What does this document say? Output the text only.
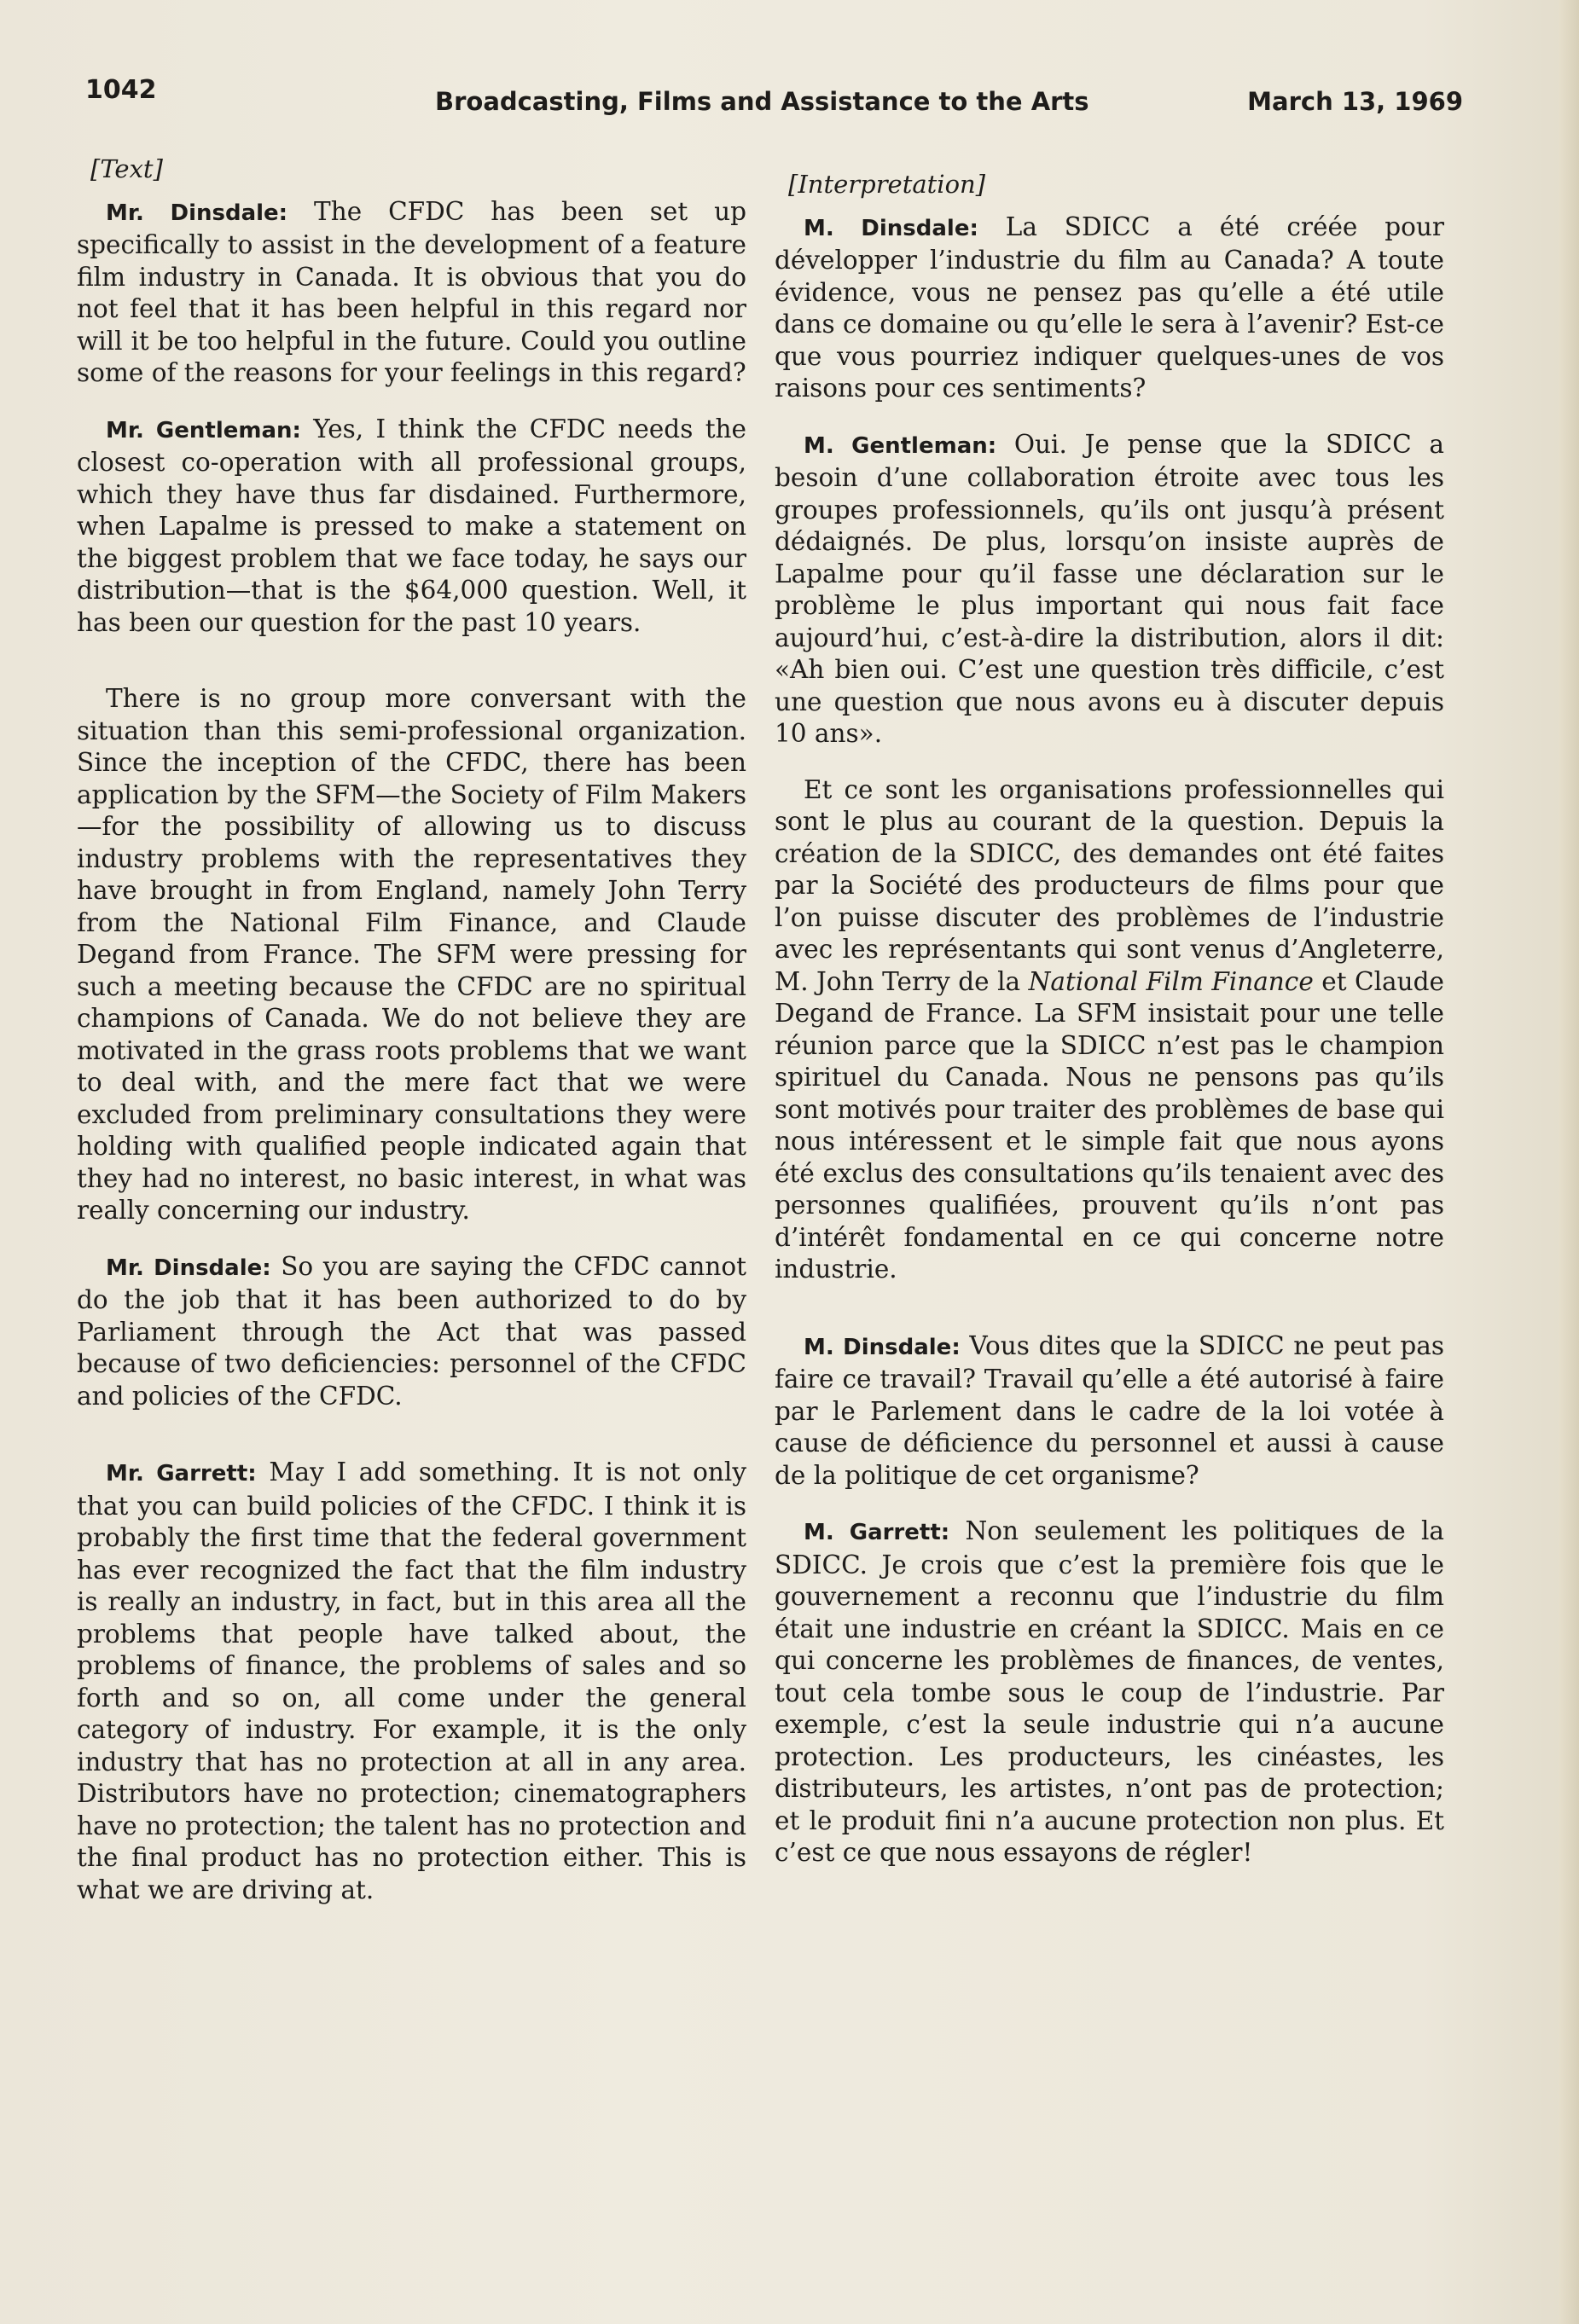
1042	Broadcasting, Films and Assistance to the Arts	March 13, 1969
[Text]

Mr. Dinsdale: The CFDC has been set up specifically to assist in the development of a feature film industry in Canada. It is obvious that you do not feel that it has been helpful in this regard nor will it be too helpful in the future. Could you outline some of the reasons for your feelings in this regard?

Mr. Gentleman: Yes, I think the CFDC needs the closest co-operation with all professional groups, which they have thus far disdained. Furthermore, when Lapalme is pressed to make a statement on the biggest problem that we face today, he says our distribution—that is the $64,000 question. Well, it has been our question for the past 10 years.

There is no group more conversant with the situation than this semi-professional organization. Since the inception of the CFDC, there has been application by the SFM—the Society of Film Makers—for the possibility of allowing us to discuss industry problems with the representatives they have brought in from England, namely John Terry from the National Film Finance, and Claude Degand from France. The SFM were pressing for such a meeting because the CFDC are no spiritual champions of Canada. We do not believe they are motivated in the grass roots problems that we want to deal with, and the mere fact that we were excluded from preliminary consultations they were holding with qualified people indicated again that they had no interest, no basic interest, in what was really concerning our industry.

Mr. Dinsdale: So you are saying the CFDC cannot do the job that it has been authorized to do by Parliament through the Act that was passed because of two deficiencies: personnel of the CFDC and policies of the CFDC.

Mr. Garrett: May I add something. It is not only that you can build policies of the CFDC. I think it is probably the first time that the federal government has ever recognized the fact that the film industry is really an industry, in fact, but in this area all the problems that people have talked about, the problems of finance, the problems of sales and so forth and so on, all come under the general category of industry. For example, it is the only industry that has no protection at all in any area. Distributors have no protection; cinematographers have no protection; the talent has no protection and the final product has no protection either. This is what we are driving at.

[Interpretation]

M. Dinsdale: La SDICC a été créée pour développer l’industrie du film au Canada? A toute évidence, vous ne pensez pas qu’elle a été utile dans ce domaine ou qu’elle le sera à l’avenir? Est-ce que vous pourriez indiquer quelques-unes de vos raisons pour ces sentiments?

M. Gentleman: Oui. Je pense que la SDICC a besoin d’une collaboration étroite avec tous les groupes professionnels, qu’ils ont jusqu’à présent dédaignés. De plus, lorsqu’on insiste auprès de Lapalme pour qu’il fasse une déclaration sur le problème le plus important qui nous fait face aujourd’hui, c’est-à-dire la distribution, alors il dit: «Ah bien oui. C’est une question très difficile, c’est une question que nous avons eu à discuter depuis 10 ans».

Et ce sont les organisations professionnelles qui sont le plus au courant de la question. Depuis la création de la SDICC, des demandes ont été faites par la Société des producteurs de films pour que l’on puisse discuter des problèmes de l’industrie avec les représentants qui sont venus d’Angleterre, M. John Terry de la National Film Finance et Claude Degand de France. La SFM insistait pour une telle réunion parce que la SDICC n’est pas le champion spirituel du Canada. Nous ne pensons pas qu’ils sont motivés pour traiter des problèmes de base qui nous intéressent et le simple fait que nous ayons été exclus des consultations qu’ils tenaient avec des personnes qualifiées, prouvent qu’ils n’ont pas d’intérêt fondamental en ce qui concerne notre industrie.

M. Dinsdale: Vous dites que la SDICC ne peut pas faire ce travail? Travail qu’elle a été autorisé à faire par le Parlement dans le cadre de la loi votée à cause de déficience du personnel et aussi à cause de la politique de cet organisme?

M. Garrett: Non seulement les politiques de la SDICC. Je crois que c’est la première fois que le gouvernement a reconnu que l’industrie du film était une industrie en créant la SDICC. Mais en ce qui concerne les problèmes de finances, de ventes, tout cela tombe sous le coup de l’industrie. Par exemple, c’est la seule industrie qui n’a aucune protection. Les producteurs, les cinéastes, les distributeurs, les artistes, n’ont pas de protection; et le produit fini n’a aucune protection non plus. Et c’est ce que nous essayons de régler!
